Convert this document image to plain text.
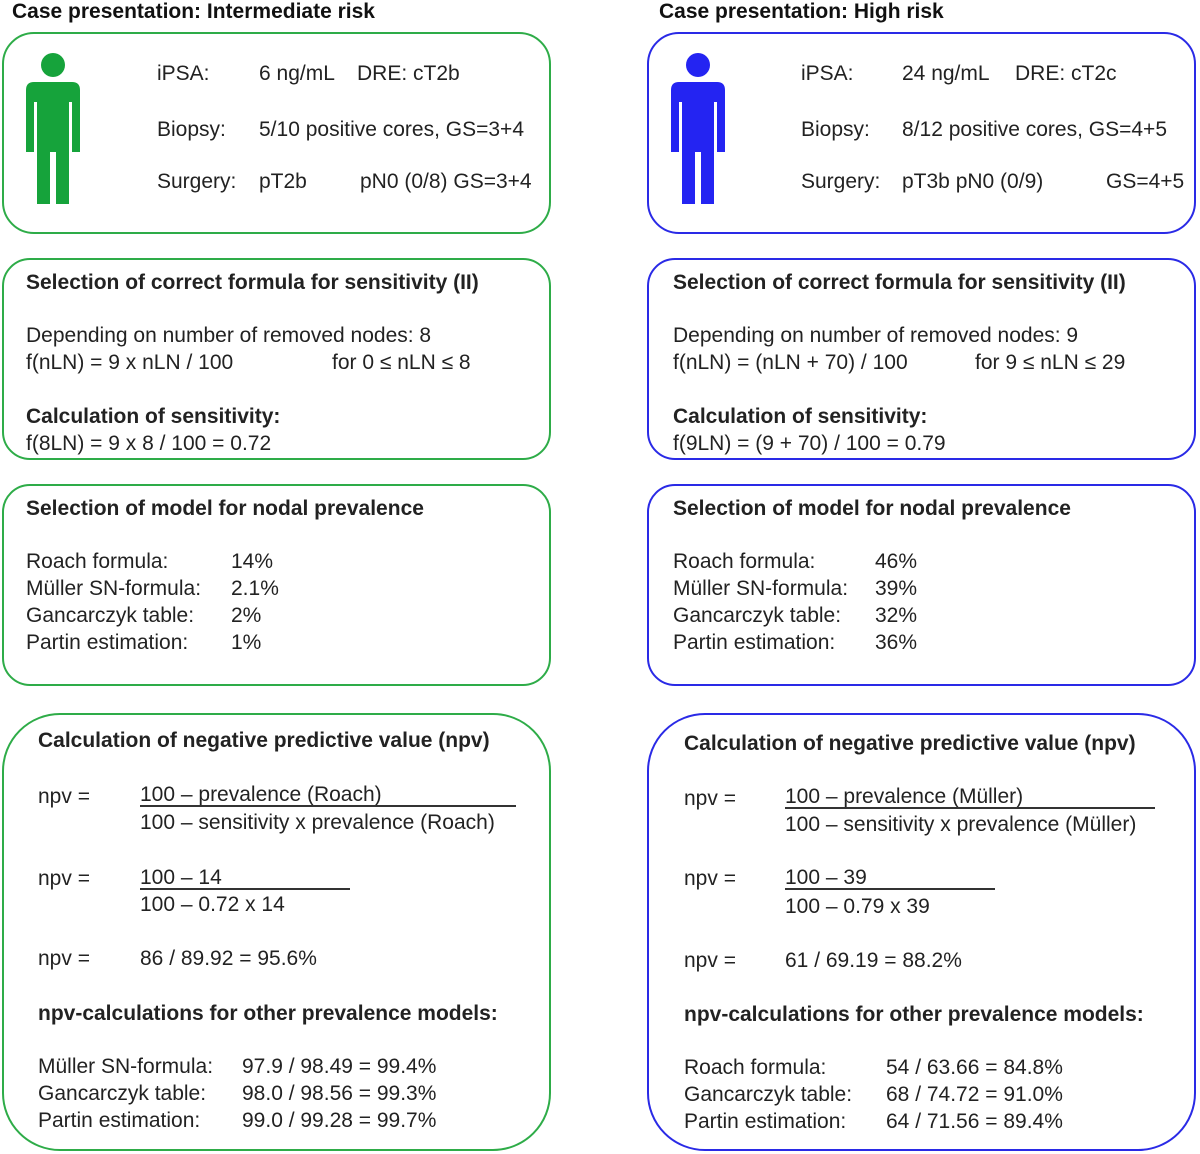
Case presentation: Intermediate risk
iPSA: 6 ng/mL DRE: cT2b
Biopsy: 5/10 positive cores, GS=3+4
Surgery: pT2b	pN0 (0/8) GS=3+4
Selection of correct formula for sensitivity (II)
Depending on number of removed nodes: 8
f(nLN) = 9 x nLN / 100	for 0 ≤ nLN ≤ 8
Calculation of sensitivity:
f(8LN) = 9 x 8 / 100 = 0.72
Selection of model for nodal prevalence
Roach formula:	14%
Müller SN-formula: 2.1%
Gancarczyk table: 2%
Partin estimation: 1%
Calculation of negative predictive value (npv)
npv = 100 – prevalence (Roach)
100 – sensitivity x prevalence (Roach)
npv = 100 – 14
100 – 0.72 x 14
npv = 86 / 89.92 = 95.6%
npv-calculations for other prevalence models:
Müller SN-formula: 97.9 / 98.49 = 99.4%
Gancarczyk table: 98.0 / 98.56 = 99.3%
Partin estimation: 99.0 / 99.28 = 99.7%
Case presentation: High risk
iPSA: 24 ng/mL DRE: cT2c
Biopsy: 8/12 positive cores, GS=4+5
Surgery: pT3b pN0 (0/9)	GS=4+5
Selection of correct formula for sensitivity (II)
Depending on number of removed nodes: 9
f(nLN) = (nLN + 70) / 100	for 9 ≤ nLN ≤ 29
Calculation of sensitivity:
f(9LN) = (9 + 70) / 100 = 0.79
Selection of model for nodal prevalence
Roach formula:	46%
Müller SN-formula: 39%
Gancarczyk table: 32%
Partin estimation: 36%
Calculation of negative predictive value (npv)
npv = 100 – prevalence (Müller)
100 – sensitivity x prevalence (Müller)
npv = 100 – 39
100 – 0.79 x 39
npv = 61 / 69.19 = 88.2%
npv-calculations for other prevalence models:
Roach formula:	54 / 63.66 = 84.8%
Gancarczyk table: 68 / 74.72 = 91.0%
Partin estimation: 64 / 71.56 = 89.4%
